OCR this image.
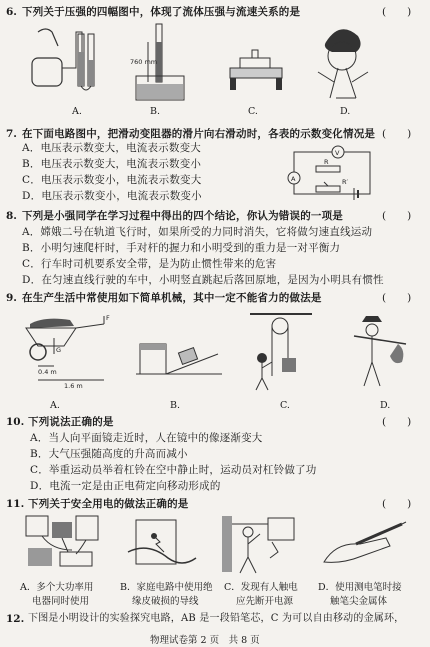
6. 下列关于压强的四幅图中，体现了流体压强与流速关系的是	(　　)
A.
760 mm
B.	C.	D.
7. 在下面电路图中，把滑动变阻器的滑片向右滑动时，各表的示数变化情况是 (　　)
A．电压表示数变大，电流表示数变大
B．电压表示数变大，电流表示数变小
C．电压表示数变小，电流表示数变大
D．电压表示数变小，电流表示数变小
V
R
A	R′
8. 下列是小强同学在学习过程中得出的四个结论，你认为错误的一项是	(　　)
A．嫦娥二号在轨道飞行时，如果所受的力同时消失，它将做匀速直线运动
B．小明匀速爬杆时，手对杆的握力和小明受到的重力是一对平衡力
C．行车时司机要系安全带，是为防止惯性带来的危害
D．在匀速直线行驶的车中，小明竖直跳起后落回原地，是因为小明具有惯性
9. 在生产生活中常使用如下简单机械，其中一定不能省力的做法是	(　　)
F
G
0.4 m
1.6 m
A.	B.	C.	D.
10. 下列说法正确的是	(　　)
A．当人向平面镜走近时，人在镜中的像逐渐变大
B．大气压强随高度的升高而减小
C．举重运动员举着杠铃在空中静止时，运动员对杠铃做了功
D．电流一定是由正电荷定向移动形成的
11. 下列关于安全用电的做法正确的是	(　　)
A．多个大功率用
电器同时使用
B．家庭电路中使用绝
缘皮破损的导线
C．发现有人触电
应先断开电源
D．使用测电笔时接
触笔尖金属体
12. 下图是小明设计的实验探究电路，AB 是一段铅笔芯，C 为可以自由移动的金属环，
物理试卷第 2 页　共 8 页
